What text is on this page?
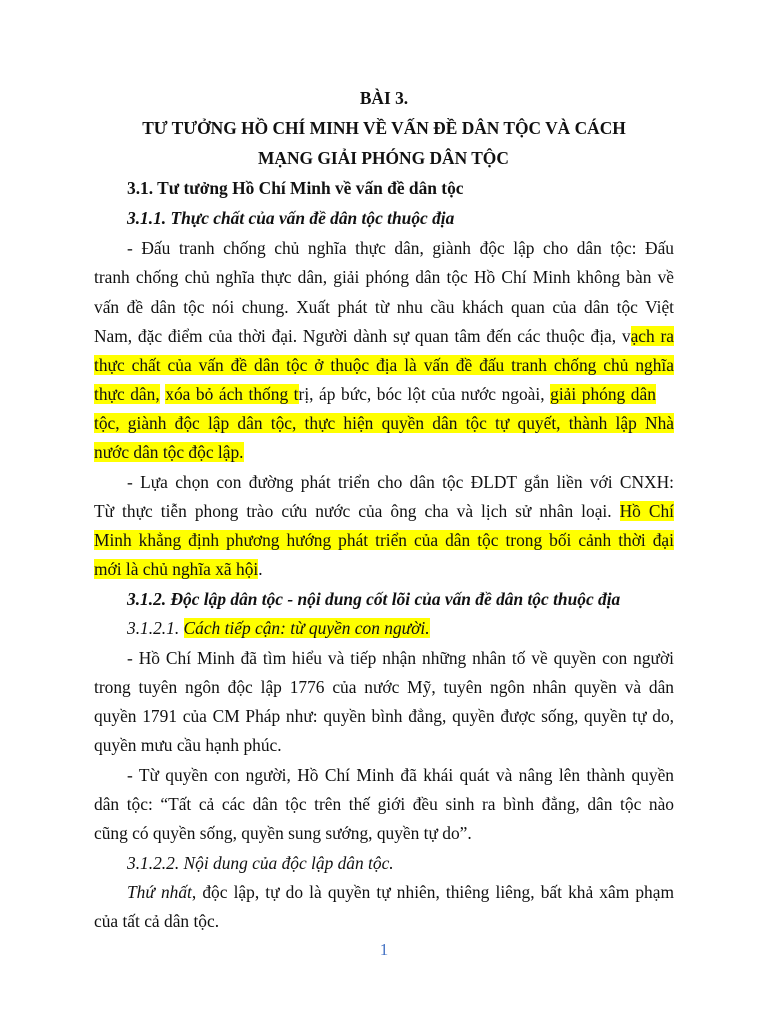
BÀI 3.

TƯ TƯỞNG HỒ CHÍ MINH VỀ VẤN ĐỀ DÂN TỘC VÀ CÁCH

MẠNG GIẢI PHÓNG DÂN TỘC

3.1. Tư tưởng Hồ Chí Minh về vấn đề dân tộc

3.1.1. Thực chất của vấn đề dân tộc thuộc địa

- Đấu tranh chống chủ nghĩa thực dân, giành độc lập cho dân tộc: Đấu

tranh chống chủ nghĩa thực dân, giải phóng dân tộc Hồ Chí Minh không bàn về

vấn đề dân tộc nói chung. Xuất phát từ nhu cầu khách quan của dân tộc Việt

Nam, đặc điểm của thời đại. Người dành sự quan tâm đến các thuộc địa, vạch ra

thực chất của vấn đề dân tộc ở thuộc địa là vấn đề đấu tranh chống chủ nghĩa

thực dân, xóa bỏ ách thống trị, áp bức, bóc lột của nước ngoài, giải phóng dân

tộc, giành độc lập dân tộc, thực hiện quyền dân tộc tự quyết, thành lập Nhà

nước dân tộc độc lập.

- Lựa chọn con đường phát triển cho dân tộc ĐLDT gắn liền với CNXH:

Từ thực tiễn phong trào cứu nước của ông cha và lịch sử nhân loại. Hồ Chí

Minh khẳng định phương hướng phát triển của dân tộc trong bối cảnh thời đại

mới là chủ nghĩa xã hội.

3.1.2. Độc lập dân tộc - nội dung cốt lõi của vấn đề dân tộc thuộc địa

3.1.2.1. Cách tiếp cận: từ quyền con người.

- Hồ Chí Minh đã tìm hiểu và tiếp nhận những nhân tố về quyền con người

trong tuyên ngôn độc lập 1776 của nước Mỹ, tuyên ngôn nhân quyền và dân

quyền 1791 của CM Pháp như: quyền bình đẳng, quyền được sống, quyền tự do,

quyền mưu cầu hạnh phúc.

- Từ quyền con người, Hồ Chí Minh đã khái quát và nâng lên thành quyền

dân tộc: “Tất cả các dân tộc trên thế giới đều sinh ra bình đẳng, dân tộc nào

cũng có quyền sống, quyền sung sướng, quyền tự do”.

3.1.2.2. Nội dung của độc lập dân tộc.

Thứ nhất, độc lập, tự do là quyền tự nhiên, thiêng liêng, bất khả xâm phạm

của tất cả dân tộc.

1
